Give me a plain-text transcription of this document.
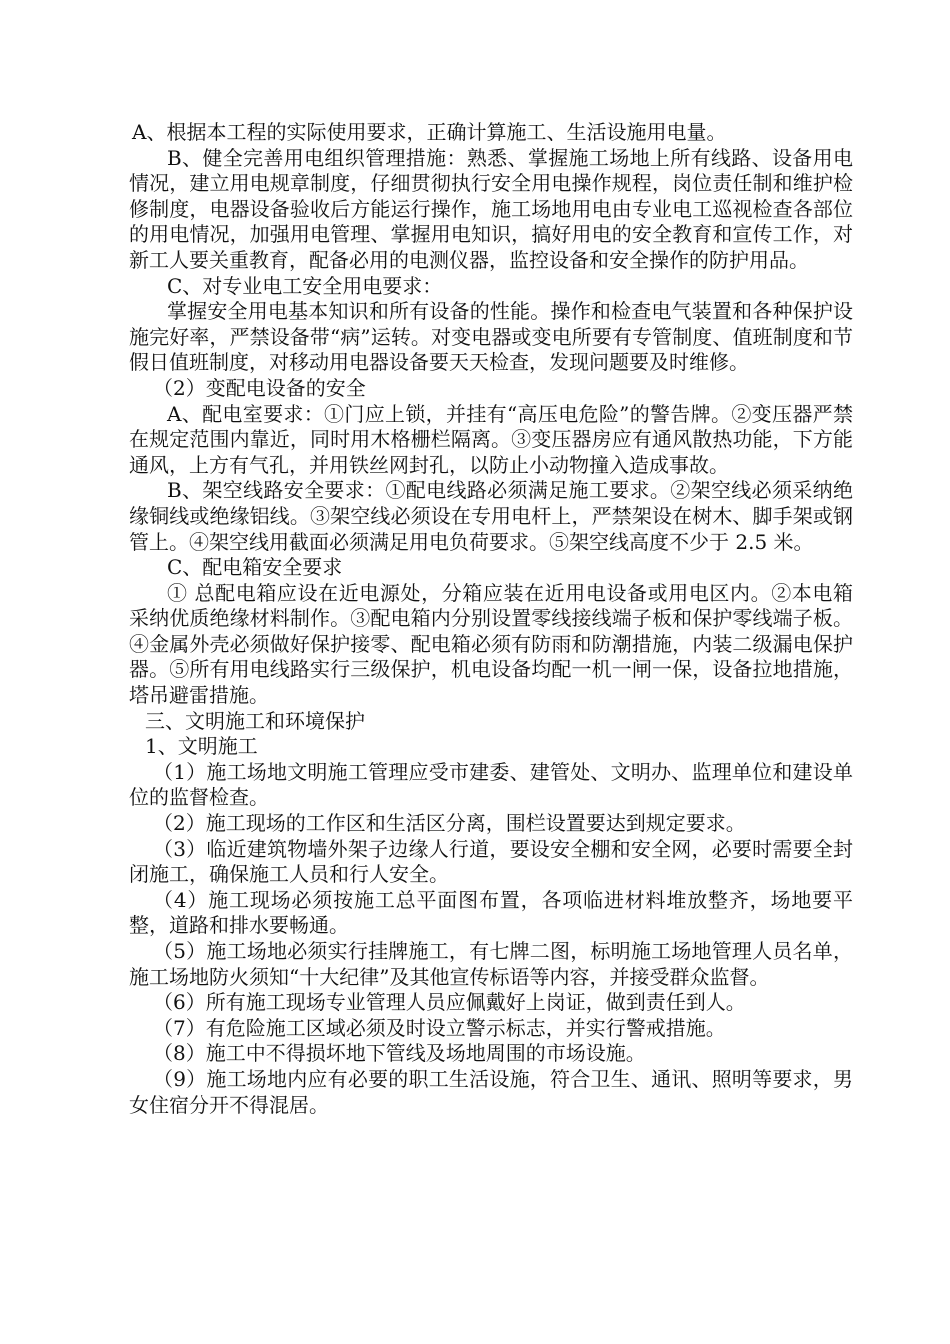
A、根据本工程的实际使用要求，正确计算施工、生活设施用电量。

B、健全完善用电组织管理措施：熟悉、掌握施工场地上所有线路、设备用电情况，建立用电规章制度，仔细贯彻执行安全用电操作规程，岗位责任制和维护检修制度，电器设备验收后方能运行操作，施工场地用电由专业电工巡视检查各部位的用电情况，加强用电管理、掌握用电知识，搞好用电的安全教育和宣传工作，对新工人要关重教育，配备必用的电测仪器，监控设备和安全操作的防护用品。

C、对专业电工安全用电要求：

掌握安全用电基本知识和所有设备的性能。操作和检查电气装置和各种保护设施完好率，严禁设备带“病”运转。对变电器或变电所要有专管制度、值班制度和节假日值班制度，对移动用电器设备要天天检查，发现问题要及时维修。

（2）变配电设备的安全

A、配电室要求：①门应上锁，并挂有“高压电危险”的警告牌。②变压器严禁在规定范围内靠近，同时用木格栅栏隔离。③变压器房应有通风散热功能，下方能通风，上方有气孔，并用铁丝网封孔，以防止小动物撞入造成事故。

B、架空线路安全要求：①配电线路必须满足施工要求。②架空线必须采纳绝缘铜线或绝缘铝线。③架空线必须设在专用电杆上，严禁架设在树木、脚手架或钢管上。④架空线用截面必须满足用电负荷要求。⑤架空线高度不少于 2.5 米。

C、配电箱安全要求

① 总配电箱应设在近电源处，分箱应装在近用电设备或用电区内。②本电箱采纳优质绝缘材料制作。③配电箱内分别设置零线接线端子板和保护零线端子板。④金属外壳必须做好保护接零、配电箱必须有防雨和防潮措施，内装二级漏电保护器。⑤所有用电线路实行三级保护，机电设备均配一机一闸一保，设备拉地措施，塔吊避雷措施。

三、文明施工和环境保护

1、文明施工

（1）施工场地文明施工管理应受市建委、建管处、文明办、监理单位和建设单位的监督检查。

（2）施工现场的工作区和生活区分离，围栏设置要达到规定要求。

（3）临近建筑物墙外架子边缘人行道，要设安全棚和安全网，必要时需要全封闭施工，确保施工人员和行人安全。

（4）施工现场必须按施工总平面图布置，各项临进材料堆放整齐，场地要平整，道路和排水要畅通。

（5）施工场地必须实行挂牌施工，有七牌二图，标明施工场地管理人员名单，施工场地防火须知“十大纪律”及其他宣传标语等内容，并接受群众监督。

（6）所有施工现场专业管理人员应佩戴好上岗证，做到责任到人。

（7）有危险施工区域必须及时设立警示标志，并实行警戒措施。

（8）施工中不得损坏地下管线及场地周围的市场设施。

（9）施工场地内应有必要的职工生活设施，符合卫生、通讯、照明等要求，男女住宿分开不得混居。
